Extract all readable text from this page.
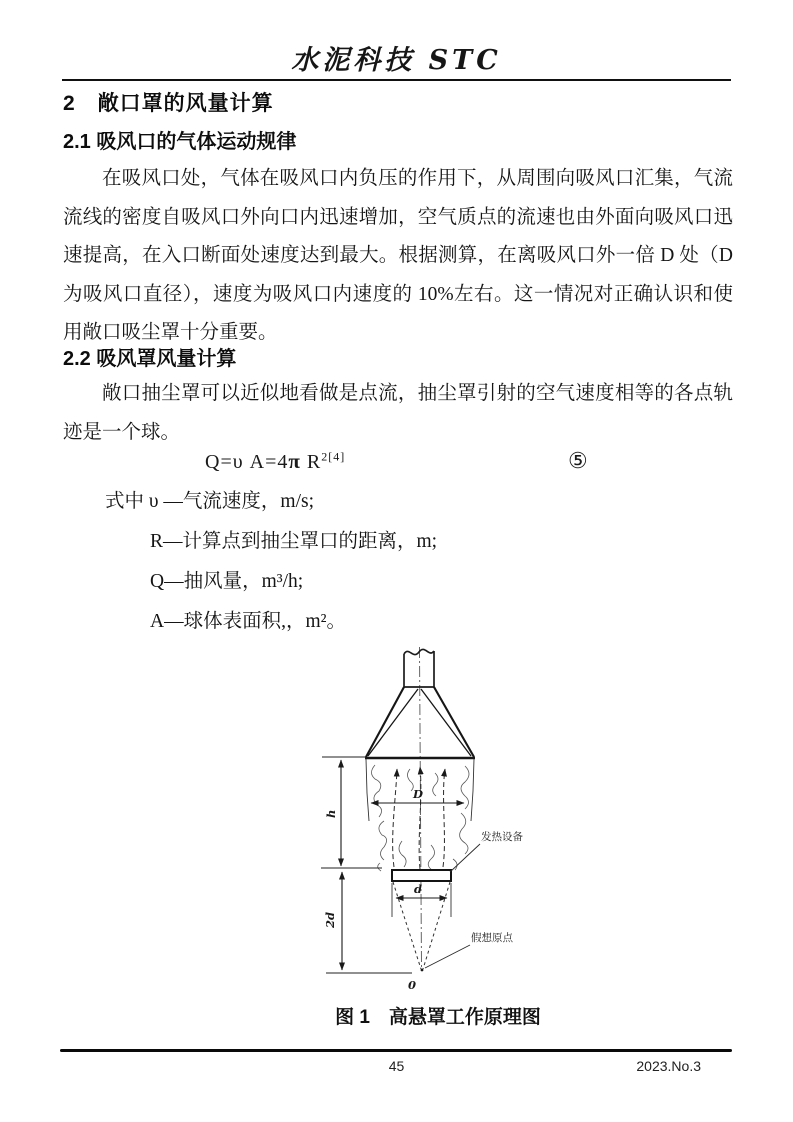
水泥科技 STC
2　敞口罩的风量计算
2.1 吸风口的气体运动规律
在吸风口处，气体在吸风口内负压的作用下，从周围向吸风口汇集，气流流线的密度自吸风口外向口内迅速增加，空气质点的流速也由外面向吸风口迅速提高，在入口断面处速度达到最大。根据测算，在离吸风口外一倍 D 处（D 为吸风口直径），速度为吸风口内速度的 10%左右。这一情况对正确认识和使用敞口吸尘罩十分重要。
2.2 吸风罩风量计算
敞口抽尘罩可以近似地看做是点流，抽尘罩引射的空气速度相等的各点轨迹是一个球。
Q=υ A=4π $R^{2[4]}$	⑤
式中 υ —气流速度，m/s;
R—计算点到抽尘罩口的距离，m;
Q—抽风量，m³/h;
A—球体表面积,，m²。
D
d
h
2d
0
发热设备
假想原点
图 1　高悬罩工作原理图
45	2023.No.3
